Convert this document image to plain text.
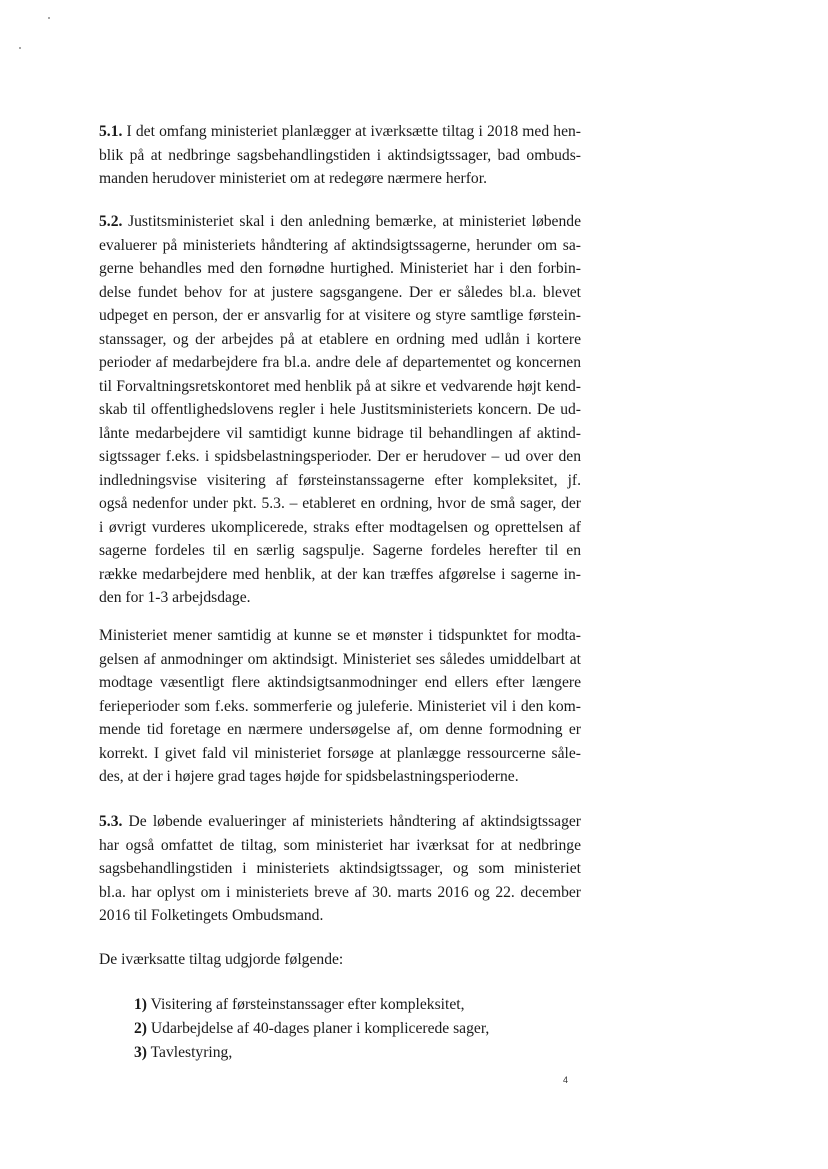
5.1. I det omfang ministeriet planlægger at iværksætte tiltag i 2018 med hen-
blik på at nedbringe sagsbehandlingstiden i aktindsigtssager, bad ombuds-
manden herudover ministeriet om at redegøre nærmere herfor.
5.2. Justitsministeriet skal i den anledning bemærke, at ministeriet løbende
evaluerer på ministeriets håndtering af aktindsigtssagerne, herunder om sa-
gerne behandles med den fornødne hurtighed. Ministeriet har i den forbin-
delse fundet behov for at justere sagsgangene. Der er således bl.a. blevet
udpeget en person, der er ansvarlig for at visitere og styre samtlige førstein-
stanssager, og der arbejdes på at etablere en ordning med udlån i kortere
perioder af medarbejdere fra bl.a. andre dele af departementet og koncernen
til Forvaltningsretskontoret med henblik på at sikre et vedvarende højt kend-
skab til offentlighedslovens regler i hele Justitsministeriets koncern. De ud-
lånte medarbejdere vil samtidigt kunne bidrage til behandlingen af aktind-
sigtssager f.eks. i spidsbelastningsperioder. Der er herudover – ud over den
indledningsvise visitering af førsteinstanssagerne efter kompleksitet, jf.
også nedenfor under pkt. 5.3. – etableret en ordning, hvor de små sager, der
i øvrigt vurderes ukomplicerede, straks efter modtagelsen og oprettelsen af
sagerne fordeles til en særlig sagspulje. Sagerne fordeles herefter til en
række medarbejdere med henblik, at der kan træffes afgørelse i sagerne in-
den for 1-3 arbejdsdage.
Ministeriet mener samtidig at kunne se et mønster i tidspunktet for modta-
gelsen af anmodninger om aktindsigt. Ministeriet ses således umiddelbart at
modtage væsentligt flere aktindsigtsanmodninger end ellers efter længere
ferieperioder som f.eks. sommerferie og juleferie. Ministeriet vil i den kom-
mende tid foretage en nærmere undersøgelse af, om denne formodning er
korrekt. I givet fald vil ministeriet forsøge at planlægge ressourcerne såle-
des, at der i højere grad tages højde for spidsbelastningsperioderne.
5.3. De løbende evalueringer af ministeriets håndtering af aktindsigtssager
har også omfattet de tiltag, som ministeriet har iværksat for at nedbringe
sagsbehandlingstiden i ministeriets aktindsigtssager, og som ministeriet
bl.a. har oplyst om i ministeriets breve af 30. marts 2016 og 22. december
2016 til Folketingets Ombudsmand.
De iværksatte tiltag udgjorde følgende:
1) Visitering af førsteinstanssager efter kompleksitet,
2) Udarbejdelse af 40-dages planer i komplicerede sager,
3) Tavlestyring,
4
